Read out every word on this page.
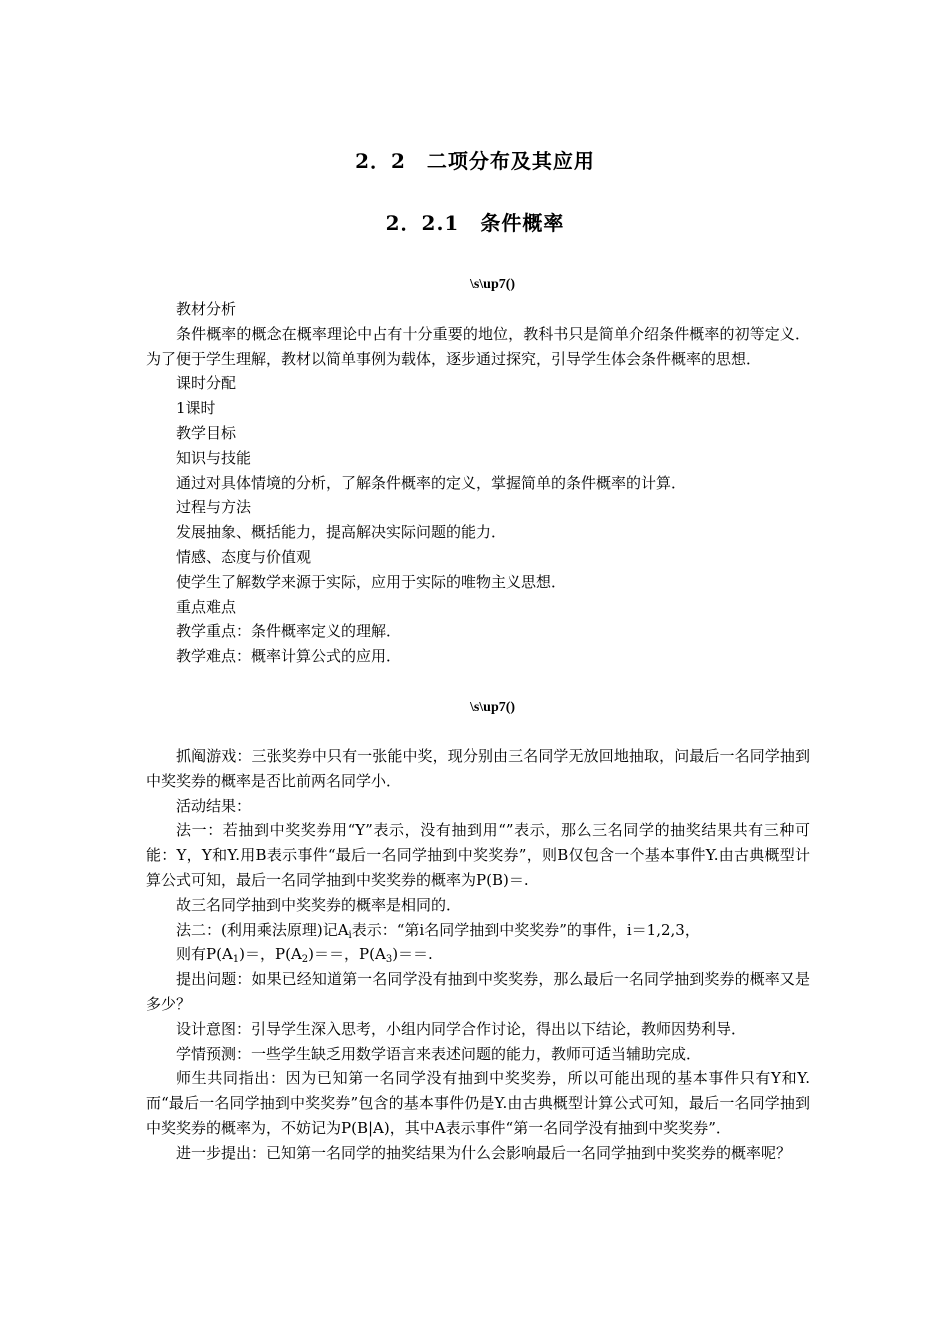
2．2　二项分布及其应用
2．2.1　条件概率
\s\up7()

教材分析

条件概率的概念在概率理论中占有十分重要的地位，教科书只是简单介绍条件概率的初等定义．为了便于学生理解，教材以简单事例为载体，逐步通过探究，引导学生体会条件概率的思想．

课时分配

1课时

教学目标

知识与技能

通过对具体情境的分析，了解条件概率的定义，掌握简单的条件概率的计算．

过程与方法

发展抽象、概括能力，提高解决实际问题的能力．

情感、态度与价值观

使学生了解数学来源于实际，应用于实际的唯物主义思想．

重点难点

教学重点：条件概率定义的理解．

教学难点：概率计算公式的应用．

\s\up7()

抓阄游戏：三张奖券中只有一张能中奖，现分别由三名同学无放回地抽取，问最后一名同学抽到中奖奖券的概率是否比前两名同学小．

活动结果：

法一：若抽到中奖奖券用“Y”表示，没有抽到用“”表示，那么三名同学的抽奖结果共有三种可能：Y，Y和Y.用B表示事件“最后一名同学抽到中奖奖券”，则B仅包含一个基本事件Y.由古典概型计算公式可知，最后一名同学抽到中奖奖券的概率为P(B)＝.

故三名同学抽到中奖奖券的概率是相同的．

法二：(利用乘法原理)记$A_i$表示：“第i名同学抽到中奖奖券”的事件，i＝1,2,3，

则有$P(A_1)=$，$P(A_2)==$，$P(A_3)==$.

提出问题：如果已经知道第一名同学没有抽到中奖奖券，那么最后一名同学抽到奖券的概率又是多少？

设计意图：引导学生深入思考，小组内同学合作讨论，得出以下结论，教师因势利导．

学情预测：一些学生缺乏用数学语言来表述问题的能力，教师可适当辅助完成．

师生共同指出：因为已知第一名同学没有抽到中奖奖券，所以可能出现的基本事件只有Y和Y.而“最后一名同学抽到中奖奖券”包含的基本事件仍是Y.由古典概型计算公式可知，最后一名同学抽到中奖奖券的概率为，不妨记为P(B|A)，其中A表示事件“第一名同学没有抽到中奖奖券”．

进一步提出：已知第一名同学的抽奖结果为什么会影响最后一名同学抽到中奖奖券的概率呢？
